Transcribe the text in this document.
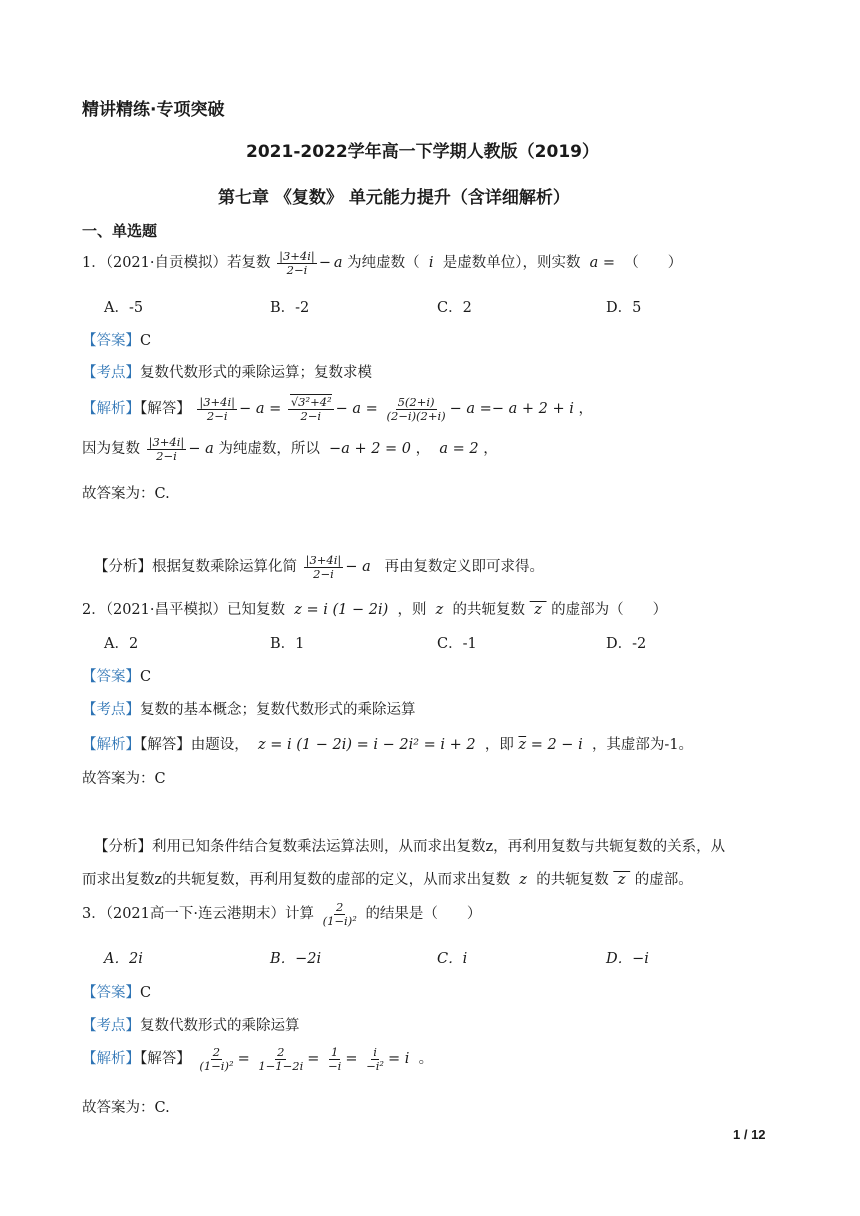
精讲精练·专项突破
2021-2022学年高一下学期人教版（2019）
第七章 《复数》 单元能力提升（含详细解析）
一、单选题
1．（2021·自贡模拟）若复数 $\frac{|3+4i|}{2-i} - a$ 为纯虚数（  i  是虚数单位），则实数  a =  （　　）
A．-5	B．-2	C．2	D．5
【答案】C
【考点】复数代数形式的乘除运算；复数求模
【解析】【解答】 $\frac{|3+4i|}{2-i} - a = \frac{\text{√3²+4²}}{2-i} - a = \frac{5(2+i)}{(2-i)(2+i)} - a =- a + 2 + i$ ，
因为复数 $\frac{|3+4i|}{2-i} - a$ 为纯虚数，所以  −a + 2 = 0 ，  a = 2 ，
故答案为：C.
【分析】根据复数乘除运算化简 $\frac{|3+4i|}{2-i} - a$ 再由复数定义即可求得。
2．（2021·昌平模拟）已知复数  z = i (1 − 2i)  ，则  z  的共轭复数  z  的虚部为（　　）
A．2	B．1	C．-1	D．-2
【答案】C
【考点】复数的基本概念；复数代数形式的乘除运算
【解析】【解答】由题设，  z = i (1 − 2i) = i − 2i² = i + 2  ，即 $\overline{z} = 2 - i$  ，其虚部为-1。
故答案为：C
【分析】利用已知条件结合复数乘法运算法则，从而求出复数z，再利用复数与共轭复数的关系，从
而求出复数z的共轭复数，再利用复数的虚部的定义，从而求出复数  z  的共轭复数  z  的虚部。
3．（2021高一下·连云港期末）计算 $\frac{2}{\text{(1−i)²}}$ 的结果是（　　）
A．2i	B．−2i	C．i	D．−i
【答案】C
【考点】复数代数形式的乘除运算
【解析】【解答】 $\frac{2}{\text{(1−i)²}} = \frac{2}{1-1-2i} = \frac{1}{-i} = \frac{i}{\text{−i²}} = i$  。
故答案为：C.
1 / 12
